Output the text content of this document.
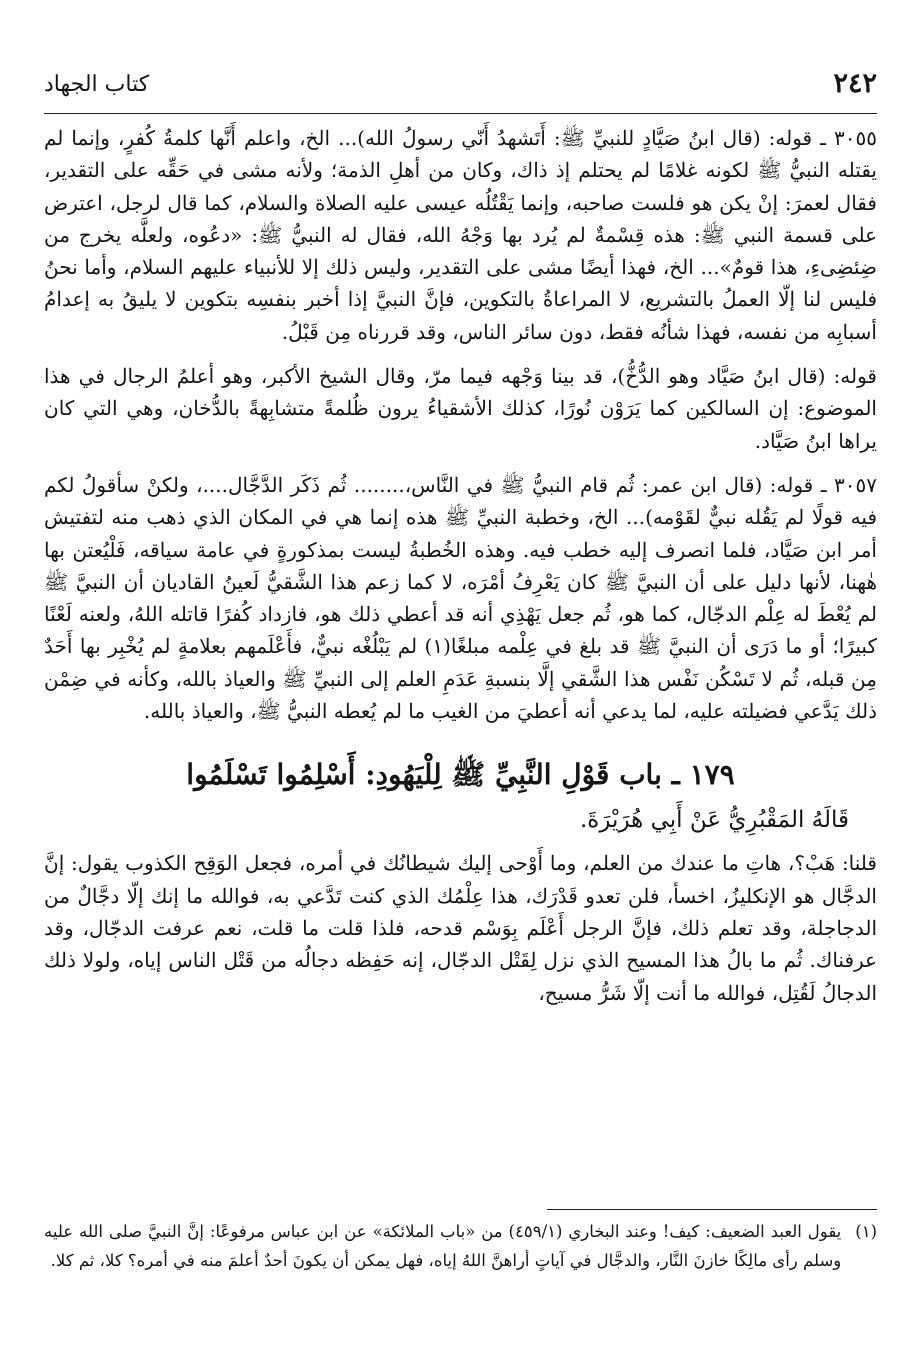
٢٤٢
كتاب الجهاد

٣٠٥٥ ـ قوله: (قال ابنُ صَيَّادٍ للنبيِّ ﷺ: أَتَشهدُ أَنّي رسولُ الله)... الخ، واعلم أَنَّها كلمةُ كُفرٍ، وإنما لم يقتله النبيُّ ﷺ لكونه غلامًا لم يحتلم إذ ذاك، وكان من أهلِ الذمة؛ ولأنه مشى في حَقِّه على التقدير، فقال لعمرَ: إنْ يكن هو فلست صاحبه، وإنما يَقْتُلُه عيسى عليه الصلاة والسلام، كما قال لرجل، اعترض على قسمة النبي ﷺ: هذه قِسْمةٌ لم يُرد بها وَجْهُ الله، فقال له النبيُّ ﷺ: «دعُوه، ولعلَّه يخرج من ضِئضِىءِ، هذا قومٌ»... الخ، فهذا أيضًا مشى على التقدير، وليس ذلك إلا للأنبياء عليهم السلام، وأما نحنُ فليس لنا إلّا العملُ بالتشريع، لا المراعاةُ بالتكوين، فإنَّ النبيَّ إذا أخبر بنفسِه بتكوين لا يليقُ به إعدامُ أسبابِه من نفسه، فهذا شأنُه فقط، دون سائر الناس، وقد قررناه مِن قَبْلُ.

قوله: (قال ابنُ صَيَّاد وهو الدُّخُّ)، قد بينا وَجْهه فيما مرّ، وقال الشيخ الأكبر، وهو أعلمُ الرجال في هذا الموضوع: إن السالكين كما يَرَوْن نُورًا، كذلك الأشقياءُ يرون ظُلمةً متشابِهةً بالدُّخان، وهي التي كان يراها ابنُ صَيَّاد.

٣٠٥٧ ـ قوله: (قال ابن عمر: ثُم قام النبيُّ ﷺ في النَّاس،........ ثُم ذَكَر الدَّجَّال....، ولكنْ سأقولُ لكم فيه قولًا لم يَقُله نبيٌّ لقَوْمه)... الخ، وخطبة النبيِّ ﷺ هذه إنما هي في المكان الذي ذهب منه لتفتيش أمر ابن صَيَّاد، فلما انصرف إليه خطب فيه. وهذه الخُطبةُ ليست بمذكورةٍ في عامة سياقه، فَلْيُعتن بها هٰهنا، لأنها دليل على أن النبيَّ ﷺ كان يَعْرِفُ أمْرَه، لا كما زعم هذا الشَّقيُّ لَعينُ القاديان أن النبيَّ ﷺ لم يُعْطَ له عِلْم الدجّال، كما هو، ثُم جعل يَهْذِي أنه قد أعطي ذلك هو، فازداد كُفرًا قاتله اللهُ، ولعنه لَعْنًا كبيرًا؛ أو ما دَرَى أن النبيَّ ﷺ قد بلغ في عِلْمه مبلغًا(١) لم يَبْلُغْه نبيٌّ، فأَعْلَمهم بعلامةٍ لم يُخْبِر بها أَحَدٌ مِن قبله، ثُم لا تَسْكُن نَفْس هذا الشَّقي إلَّا بنسبةِ عَدَمِ العلم إلى النبيِّ ﷺ والعياذ بالله، وكأنه في ضِمْن ذلك يَدَّعي فضيلته عليه، لما يدعي أنه أعطيَ من الغيب ما لم يُعطه النبيُّ ﷺ، والعياذ بالله.

١٧٩ ـ باب قَوْلِ النَّبِيِّ ﷺ لِلْيَهُودِ: أَسْلِمُوا تَسْلَمُوا
قَالَهُ المَقْبُرِيُّ عَنْ أَبِي هُرَيْرَةَ.

قلنا: هَبْ؟، هاتِ ما عندك من العلم، وما أَوْحى إليك شيطانُك في أمره، فجعل الوَقِح الكذوب يقول: إنَّ الدجَّال هو الإنكليزُ، اخسأ، فلن تعدو قَدْرَك، هذا عِلْمُك الذي كنت تَدَّعي به، فوالله ما إنك إلّا دجَّالٌ من الدجاجلة، وقد تعلم ذلك، فإنَّ الرجل أَعْلَم بِوَسْم قدحه، فلذا قلت ما قلت، نعم عرفت الدجّال، وقد عرفناك. ثُم ما بالُ هذا المسيح الذي نزل لِقَتْل الدجّال، إنه حَفِظه دجالُه من قَتْل الناس إياه، ولولا ذلك الدجالُ لَقُتِل، فوالله ما أنت إلّا شَرُّ مسيح،

(١)

يقول العبد الضعيف: كيف! وعند البخاري (٤٥٩/١) من «باب الملائكة» عن ابن عباس مرفوعًا: إنَّ النبيَّ صلى الله عليه وسلم رأى مالِكًا خازنَ النَّار، والدجَّال في آياتٍ أراهنَّ اللهُ إياه، فهل يمكن أن يكونَ أحدٌ أعلمَ منه في أمره؟ كلا، ثم كلا.
